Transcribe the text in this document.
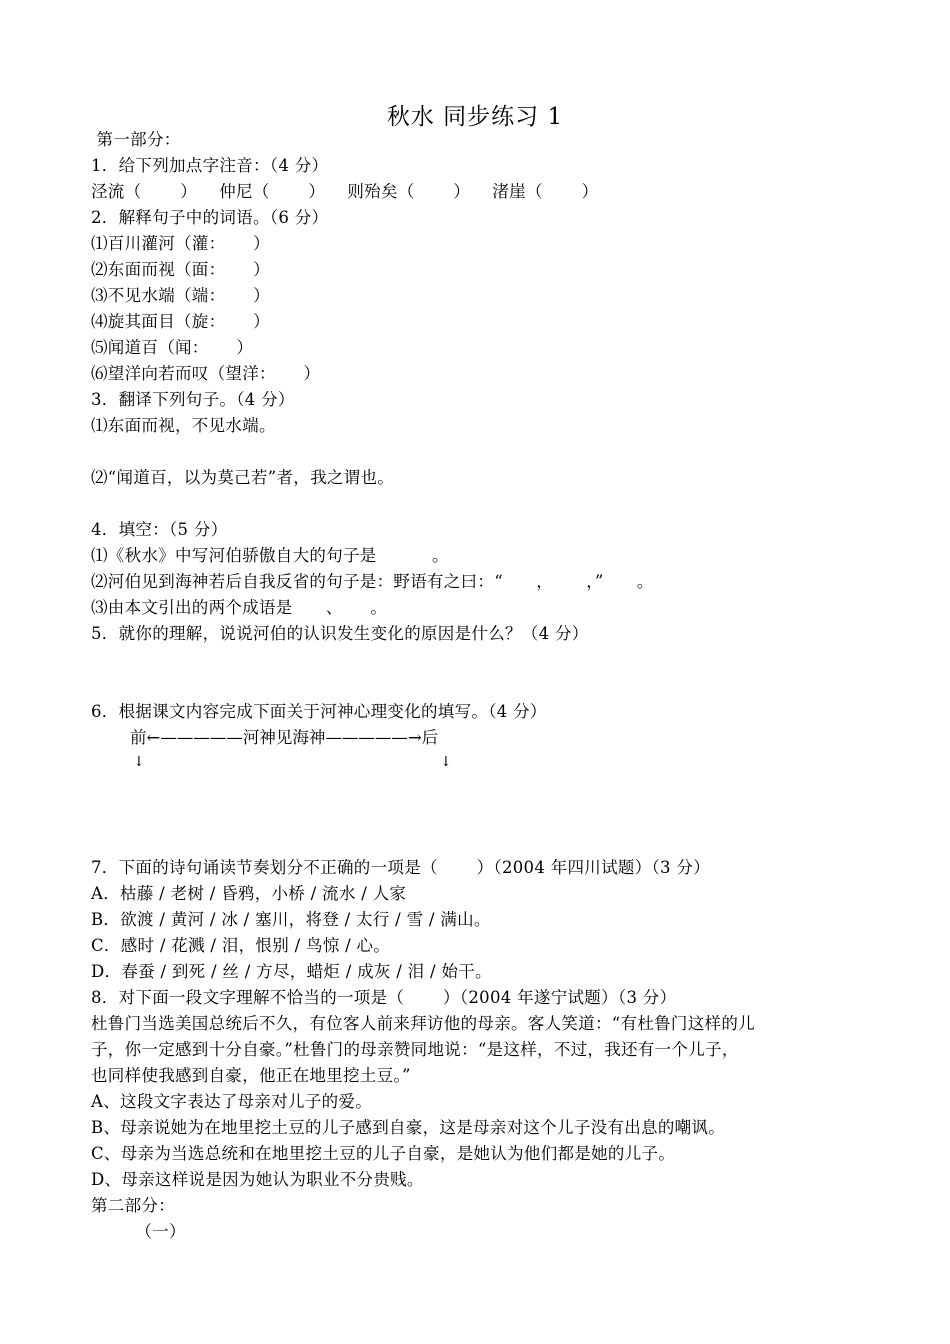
秋水 同步练习 1
第一部分：
1．给下列加点字注音：（4 分）
泾流（       ）    仲尼（       ）    则殆矣（       ）    渚崖（       ）
2．解释句子中的词语。（6 分）
⑴百川灌河（灌：     ）
⑵东面而视（面：     ）
⑶不见水端（端：     ）
⑷旋其面目（旋：     ）
⑸闻道百（闻：     ）
⑹望洋向若而叹（望洋：     ）
3．翻译下列句子。（4 分）
⑴东面而视，不见水端。
⑵“闻道百，以为莫己若”者，我之谓也。
4．填空：（5 分）
⑴《秋水》中写河伯骄傲自大的句子是          。
⑵河伯见到海神若后自我反省的句子是：野语有之曰：“      ，      ，”      。
⑶由本文引出的两个成语是      、     。
5．就你的理解，说说河伯的认识发生变化的原因是什么？（4 分）
6．根据课文内容完成下面关于河神心理变化的填写。（4 分）
前←—————河神见海神—————→后
↓	↓
7．下面的诗句诵读节奏划分不正确的一项是（       ）（2004 年四川试题）（3 分）
A．枯藤 / 老树 / 昏鸦，小桥 / 流水 / 人家
B．欲渡 / 黄河 / 冰 / 塞川，将登 / 太行 / 雪 / 满山。
C．感时 / 花溅 / 泪，恨别 / 鸟惊 / 心。
D．春蚕 / 到死 / 丝 / 方尽，蜡炬 / 成灰 / 泪 / 始干。
8．对下面一段文字理解不恰当的一项是（       ）（2004 年遂宁试题）（3 分）
杜鲁门当选美国总统后不久，有位客人前来拜访他的母亲。客人笑道：“有杜鲁门这样的儿
子，你一定感到十分自豪。”杜鲁门的母亲赞同地说：“是这样，不过，我还有一个儿子，
也同样使我感到自豪，他正在地里挖土豆。”
A、这段文字表达了母亲对儿子的爱。
B、母亲说她为在地里挖土豆的儿子感到自豪，这是母亲对这个儿子没有出息的嘲讽。
C、母亲为当选总统和在地里挖土豆的儿子自豪，是她认为他们都是她的儿子。
D、母亲这样说是因为她认为职业不分贵贱。
第二部分：
（一）
